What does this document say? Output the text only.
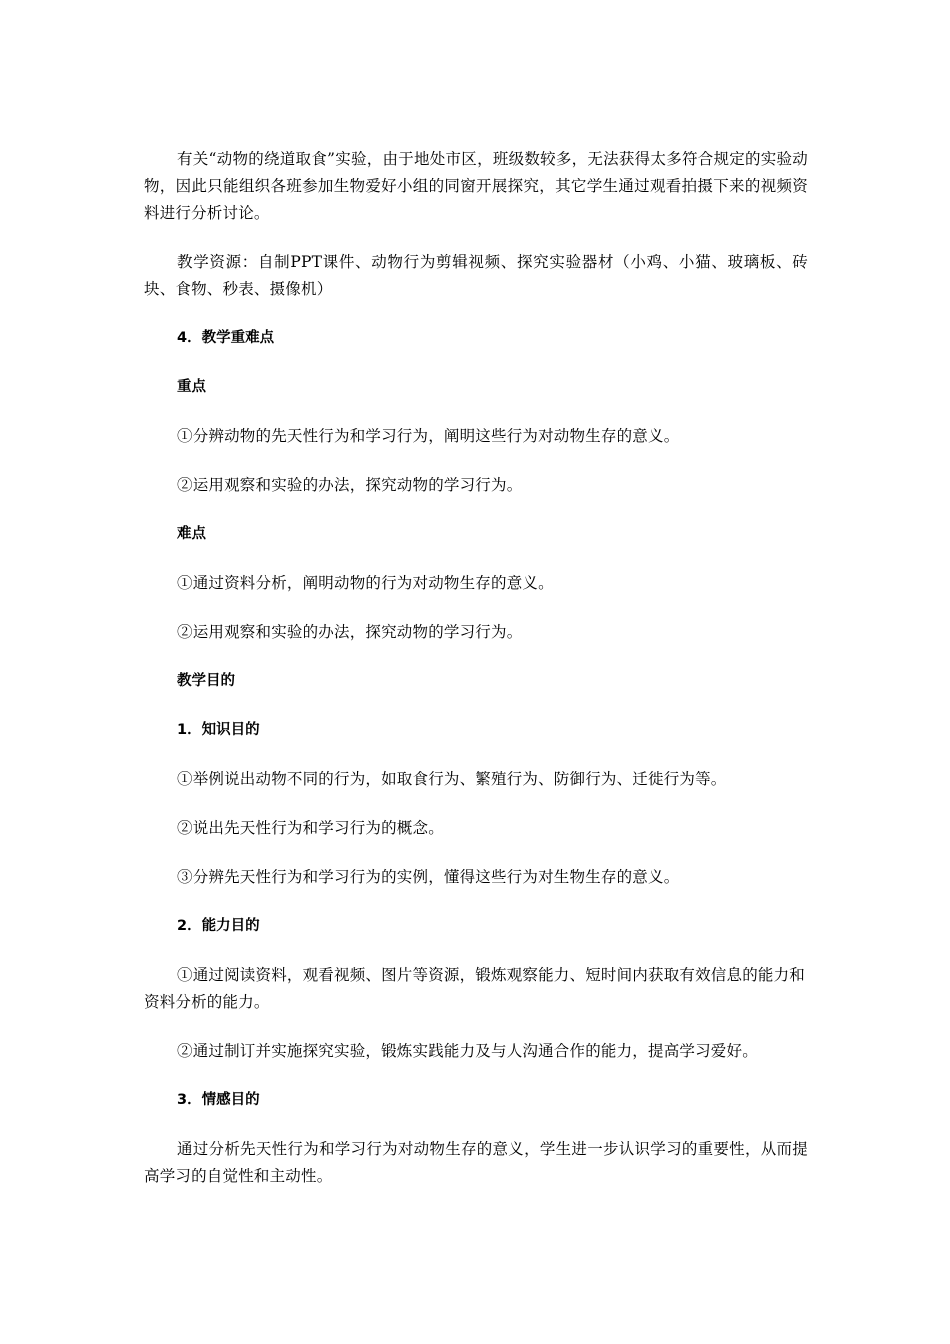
有关“动物的绕道取食”实验，由于地处市区，班级数较多，无法获得太多符合规定的实验动物，因此只能组织各班参加生物爱好小组的同窗开展探究，其它学生通过观看拍摄下来的视频资料进行分析讨论。

教学资源：自制PPT课件、动物行为剪辑视频、探究实验器材（小鸡、小猫、玻璃板、砖块、食物、秒表、摄像机）

4．教学重难点

重点

①分辨动物的先天性行为和学习行为，阐明这些行为对动物生存的意义。

②运用观察和实验的办法，探究动物的学习行为。

难点

①通过资料分析，阐明动物的行为对动物生存的意义。

②运用观察和实验的办法，探究动物的学习行为。

教学目的

1．知识目的

①举例说出动物不同的行为，如取食行为、繁殖行为、防御行为、迁徙行为等。

②说出先天性行为和学习行为的概念。

③分辨先天性行为和学习行为的实例，懂得这些行为对生物生存的意义。

2．能力目的

①通过阅读资料，观看视频、图片等资源，锻炼观察能力、短时间内获取有效信息的能力和资料分析的能力。

②通过制订并实施探究实验，锻炼实践能力及与人沟通合作的能力，提高学习爱好。

3．情感目的

通过分析先天性行为和学习行为对动物生存的意义，学生进一步认识学习的重要性，从而提高学习的自觉性和主动性。
